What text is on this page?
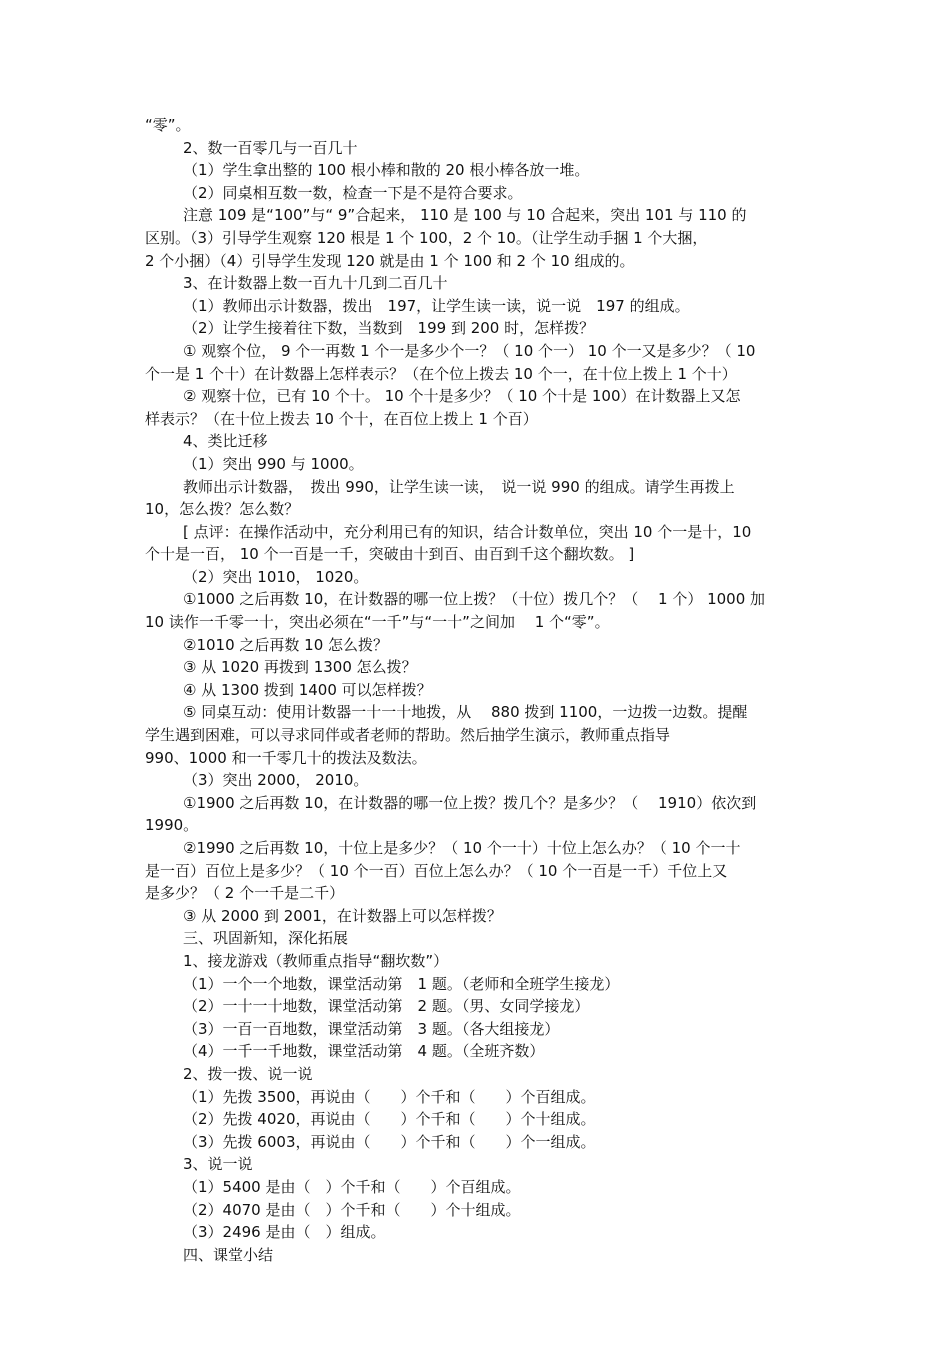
“零”。
2、数一百零几与一百几十
（1）学生拿出整的 100 根小棒和散的 20 根小棒各放一堆。
（2）同桌相互数一数，检查一下是不是符合要求。
注意 109 是“100”与“ 9”合起来， 110 是 100 与 10 合起来，突出 101 与 110 的
区别。（3）引导学生观察 120 根是 1 个 100，2 个 10。（让学生动手捆 1 个大捆，
2 个小捆）（4）引导学生发现 120 就是由 1 个 100 和 2 个 10 组成的。
3、在计数器上数一百九十几到二百几十
（1）教师出示计数器，拨出　197，让学生读一读，说一说　197 的组成。
（2）让学生接着往下数，当数到　199 到 200 时，怎样拨？
① 观察个位， 9 个一再数 1 个一是多少个一？（ 10 个一） 10 个一又是多少？（ 10
个一是 1 个十）在计数器上怎样表示？（在个位上拨去 10 个一，在十位上拨上 1 个十）
② 观察十位，已有 10 个十。 10 个十是多少？（ 10 个十是 100）在计数器上又怎
样表示？（在十位上拨去 10 个十，在百位上拨上 1 个百）
4、类比迁移
（1）突出 990 与 1000。
教师出示计数器，　拨出 990，让学生读一读，　说一说 990 的组成。请学生再拨上
10，怎么拨？怎么数？
[ 点评：在操作活动中，充分利用已有的知识，结合计数单位，突出 10 个一是十，10
个十是一百， 10 个一百是一千，突破由十到百、由百到千这个翻坎数。 ]
（2）突出 1010， 1020。
①1000 之后再数 10，在计数器的哪一位上拨？（十位）拨几个？（　 1 个） 1000 加
10 读作一千零一十，突出必须在“一千”与“一十”之间加　 1 个“零”。
②1010 之后再数 10 怎么拨？
③ 从 1020 再拨到 1300 怎么拨？
④ 从 1300 拨到 1400 可以怎样拨？
⑤ 同桌互动：使用计数器一十一十地拨，从　 880 拨到 1100，一边拨一边数。提醒
学生遇到困难，可以寻求同伴或者老师的帮助。然后抽学生演示，教师重点指导
990、1000 和一千零几十的拨法及数法。
（3）突出 2000， 2010。
①1900 之后再数 10，在计数器的哪一位上拨？拨几个？是多少？（　 1910）依次到
1990。
②1990 之后再数 10，十位上是多少？（ 10 个一十）十位上怎么办？（ 10 个一十
是一百）百位上是多少？（ 10 个一百）百位上怎么办？（ 10 个一百是一千）千位上又
是多少？（ 2 个一千是二千）
③ 从 2000 到 2001，在计数器上可以怎样拨？
三、巩固新知，深化拓展
1、接龙游戏（教师重点指导“翻坎数”）
（1）一个一个地数，课堂活动第　1 题。（老师和全班学生接龙）
（2）一十一十地数，课堂活动第　2 题。（男、女同学接龙）
（3）一百一百地数，课堂活动第　3 题。（各大组接龙）
（4）一千一千地数，课堂活动第　4 题。（全班齐数）
2、拨一拨、说一说
（1）先拨 3500，再说由（　　）个千和（　　）个百组成。
（2）先拨 4020，再说由（　　）个千和（　　）个十组成。
（3）先拨 6003，再说由（　　）个千和（　　）个一组成。
3、说一说
（1）5400 是由（　）个千和（　　）个百组成。
（2）4070 是由（　）个千和（　　）个十组成。
（3）2496 是由（　）组成。
四、课堂小结
